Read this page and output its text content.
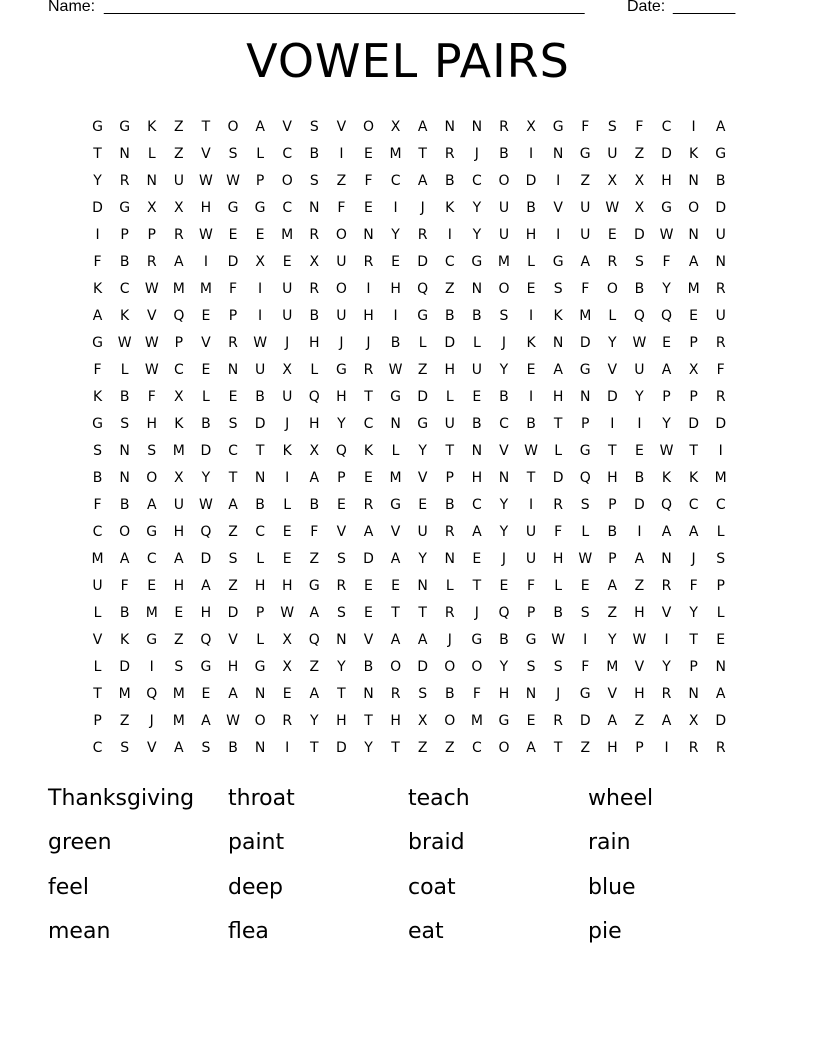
Name: ______________________________________________________	Date: _______
VOWEL PAIRS
G	G	K	Z	T	O	A	V	S	V	O	X	A	N	N	R	X	G	F	S	F	C	I	A
T	N	L	Z	V	S	L	C	B	I	E	M	T	R	J	B	I	N	G	U	Z	D	K	G
Y	R	N	U	W W	P	O	S	Z	F	C	A	B	C	O	D	I	Z	X	X	H	N	B
D	G	X	X	H	G	G	C	N	F	E	I	J	K	Y	U	B	V	U	W	X	G	O	D
I	P	P	R	W	E	E	M	R	O	N	Y	R	I	Y	U	H	I	U	E	D	W	N	U
F	B	R	A	I	D	X	E	X	U	R	E	D	C	G	M	L	G	A	R	S	F	A	N
K	C	W	M	M	F	I	U	R	O	I	H	Q	Z	N	O	E	S	F	O	B	Y	M	R
A	K	V	Q	E	P	I	U	B	U	H	I	G	B	B	S	I	K	M	L	Q	Q	E	U
G	W W	P	V	R	W	J	H	J	J	B	L	D	L	J	K	N	D	Y	W	E	P	R
F	L	W	C	E	N	U	X	L	G	R	W	Z	H	U	Y	E	A	G	V	U	A	X	F
K	B	F	X	L	E	B	U	Q	H	T	G	D	L	E	B	I	H	N	D	Y	P	P	R
G	S	H	K	B	S	D	J	H	Y	C	N	G	U	B	C	B	T	P	I	I	Y	D	D
S	N	S	M	D	C	T	K	X	Q	K	L	Y	T	N	V	W	L	G	T	E	W	T	I
B	N	O	X	Y	T	N	I	A	P	E	M	V	P	H	N	T	D	Q	H	B	K	K	M
F	B	A	U	W	A	B	L	B	E	R	G	E	B	C	Y	I	R	S	P	D	Q	C	C
C	O	G	H	Q	Z	C	E	F	V	A	V	U	R	A	Y	U	F	L	B	I	A	A	L
M	A	C	A	D	S	L	E	Z	S	D	A	Y	N	E	J	U	H	W	P	A	N	J	S
U	F	E	H	A	Z	H	H	G	R	E	E	N	L	T	E	F	L	E	A	Z	R	F	P
L	B	M	E	H	D	P	W	A	S	E	T	T	R	J	Q	P	B	S	Z	H	V	Y	L
V	K	G	Z	Q	V	L	X	Q	N	V	A	A	J	G	B	G	W	I	Y	W	I	T	E
L	D	I	S	G	H	G	X	Z	Y	B	O	D	O	O	Y	S	S	F	M	V	Y	P	N
T	M	Q	M	E	A	N	E	A	T	N	R	S	B	F	H	N	J	G	V	H	R	N	A
P	Z	J	M	A	W	O	R	Y	H	T	H	X	O	M	G	E	R	D	A	Z	A	X	D
C	S	V	A	S	B	N	I	T	D	Y	T	Z	Z	C	O	A	T	Z	H	P	I	R	R
Thanksgiving	throat	teach	wheel
green	paint	braid	rain
feel	deep	coat	blue
mean	flea	eat	pie
